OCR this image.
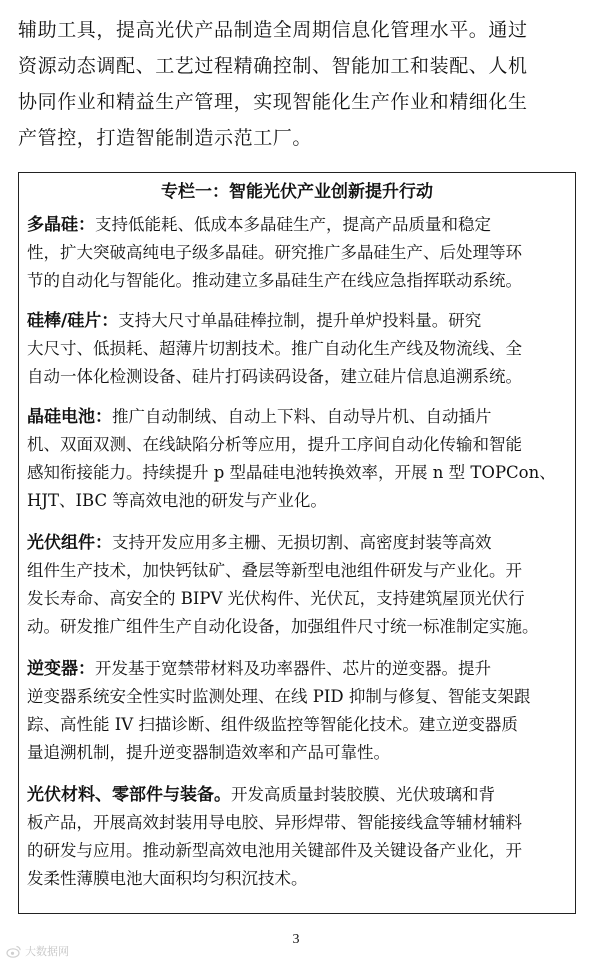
辅助工具，提高光伏产品制造全周期信息化管理水平。通过
资源动态调配、工艺过程精确控制、智能加工和装配、人机
协同作业和精益生产管理，实现智能化生产作业和精细化生
产管控，打造智能制造示范工厂。
专栏一：智能光伏产业创新提升行动
多晶硅：支持低能耗、低成本多晶硅生产，提高产品质量和稳定
性，扩大突破高纯电子级多晶硅。研究推广多晶硅生产、后处理等环
节的自动化与智能化。推动建立多晶硅生产在线应急指挥联动系统。
硅棒/硅片：支持大尺寸单晶硅棒拉制，提升单炉投料量。研究
大尺寸、低损耗、超薄片切割技术。推广自动化生产线及物流线、全
自动一体化检测设备、硅片打码读码设备，建立硅片信息追溯系统。
晶硅电池：推广自动制绒、自动上下料、自动导片机、自动插片
机、双面双测、在线缺陷分析等应用，提升工序间自动化传输和智能
感知衔接能力。持续提升 p 型晶硅电池转换效率，开展 n 型 TOPCon、
HJT、IBC 等高效电池的研发与产业化。
光伏组件：支持开发应用多主栅、无损切割、高密度封装等高效
组件生产技术，加快钙钛矿、叠层等新型电池组件研发与产业化。开
发长寿命、高安全的 BIPV 光伏构件、光伏瓦，支持建筑屋顶光伏行
动。研发推广组件生产自动化设备，加强组件尺寸统一标准制定实施。
逆变器：开发基于宽禁带材料及功率器件、芯片的逆变器。提升
逆变器系统安全性实时监测处理、在线 PID 抑制与修复、智能支架跟
踪、高性能 IV 扫描诊断、组件级监控等智能化技术。建立逆变器质
量追溯机制，提升逆变器制造效率和产品可靠性。
光伏材料、零部件与装备。开发高质量封装胶膜、光伏玻璃和背
板产品，开展高效封装用导电胶、异形焊带、智能接线盒等辅材辅料
的研发与应用。推动新型高效电池用关键部件及关键设备产业化，开
发柔性薄膜电池大面积均匀积沉技术。
3
大数据网
